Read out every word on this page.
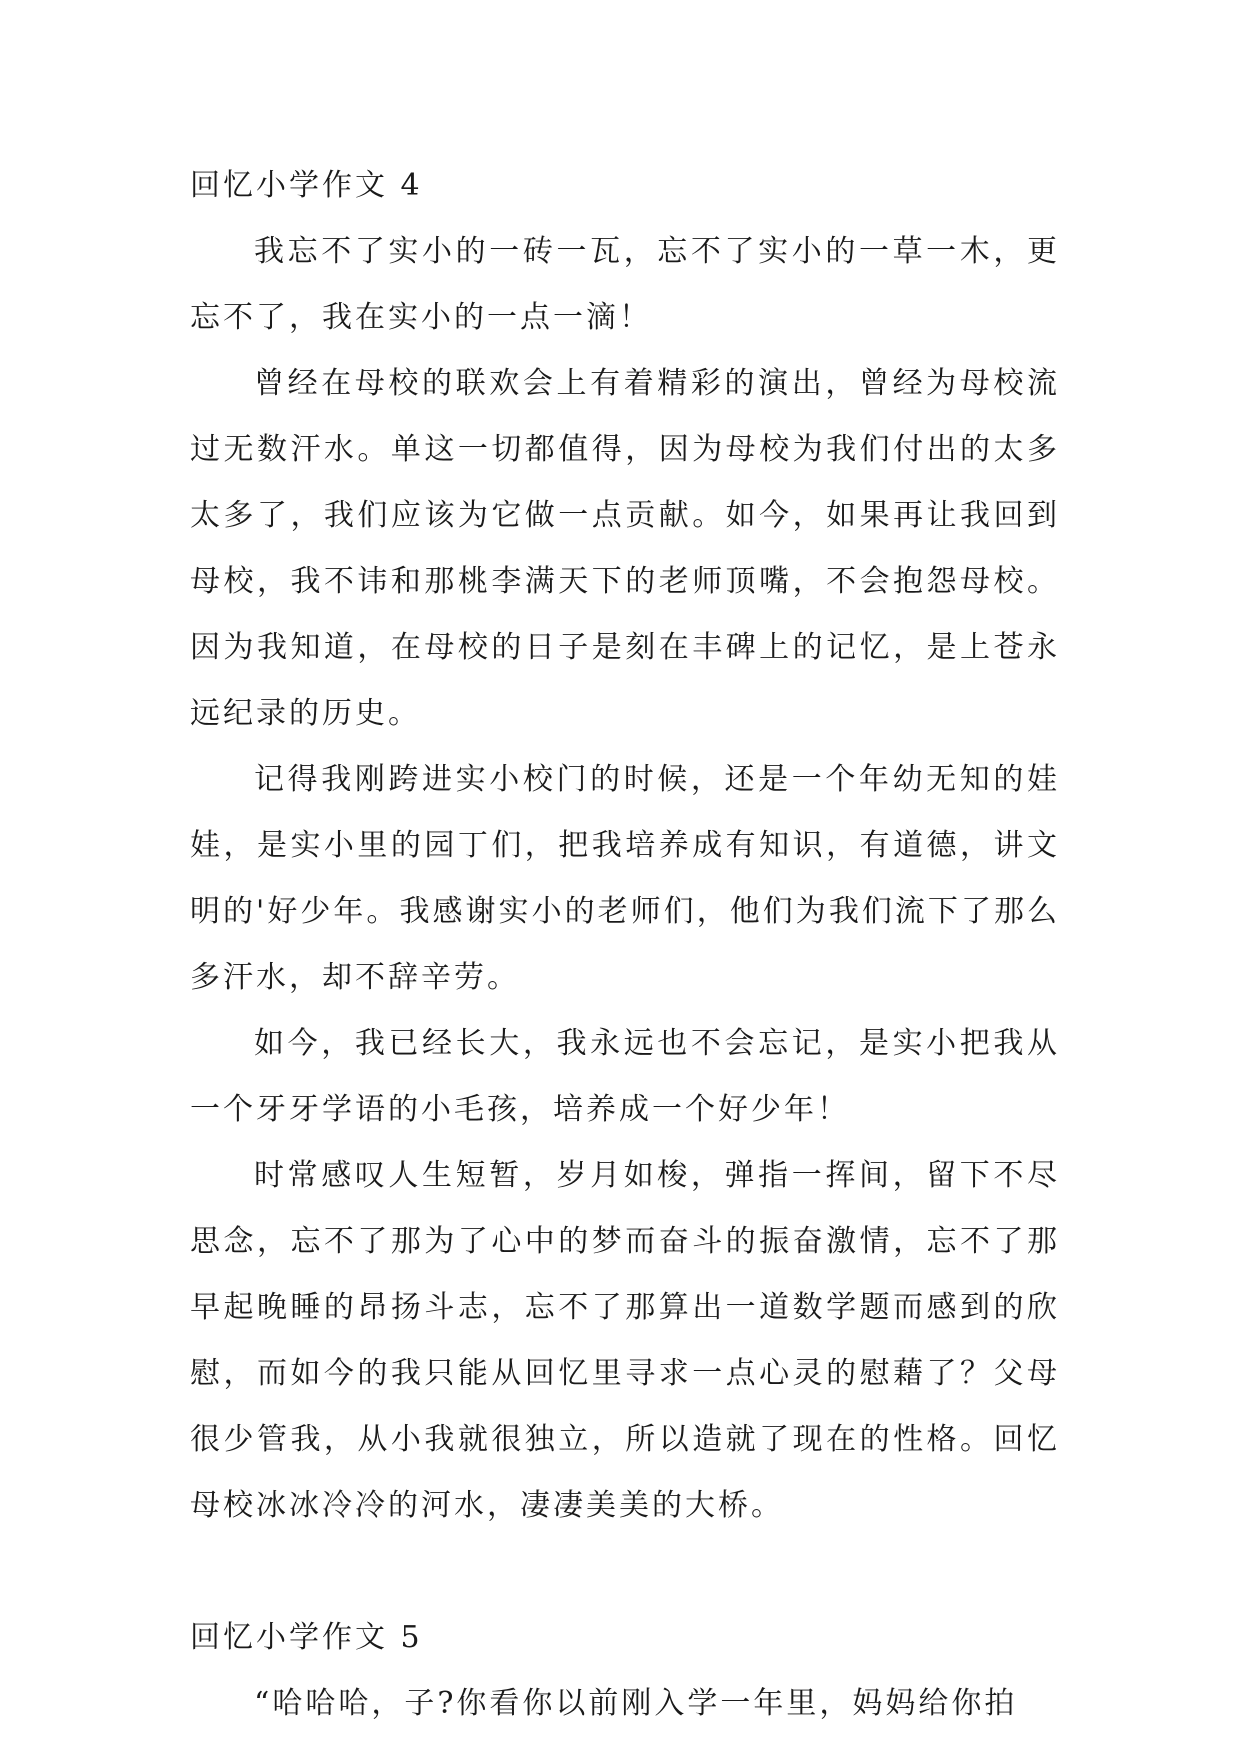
回忆小学作文 4

我忘不了实小的一砖一瓦，忘不了实小的一草一木，更忘不了，我在实小的一点一滴！

曾经在母校的联欢会上有着精彩的演出，曾经为母校流过无数汗水。单这一切都值得，因为母校为我们付出的太多太多了，我们应该为它做一点贡献。如今，如果再让我回到母校，我不讳和那桃李满天下的老师顶嘴，不会抱怨母校。因为我知道，在母校的日子是刻在丰碑上的记忆，是上苍永远纪录的历史。

记得我刚跨进实小校门的时候，还是一个年幼无知的娃娃，是实小里的园丁们，把我培养成有知识，有道德，讲文明的'好少年。我感谢实小的老师们，他们为我们流下了那么多汗水，却不辞辛劳。

如今，我已经长大，我永远也不会忘记，是实小把我从一个牙牙学语的小毛孩，培养成一个好少年！

时常感叹人生短暂，岁月如梭，弹指一挥间，留下不尽思念，忘不了那为了心中的梦而奋斗的振奋激情，忘不了那早起晚睡的昂扬斗志，忘不了那算出一道数学题而感到的欣慰，而如今的我只能从回忆里寻求一点心灵的慰藉了？父母很少管我，从小我就很独立，所以造就了现在的性格。回忆母校冰冰冷冷的河水，凄凄美美的大桥。

回忆小学作文 5

“哈哈哈，子?你看你以前刚入学一年里，妈妈给你拍
